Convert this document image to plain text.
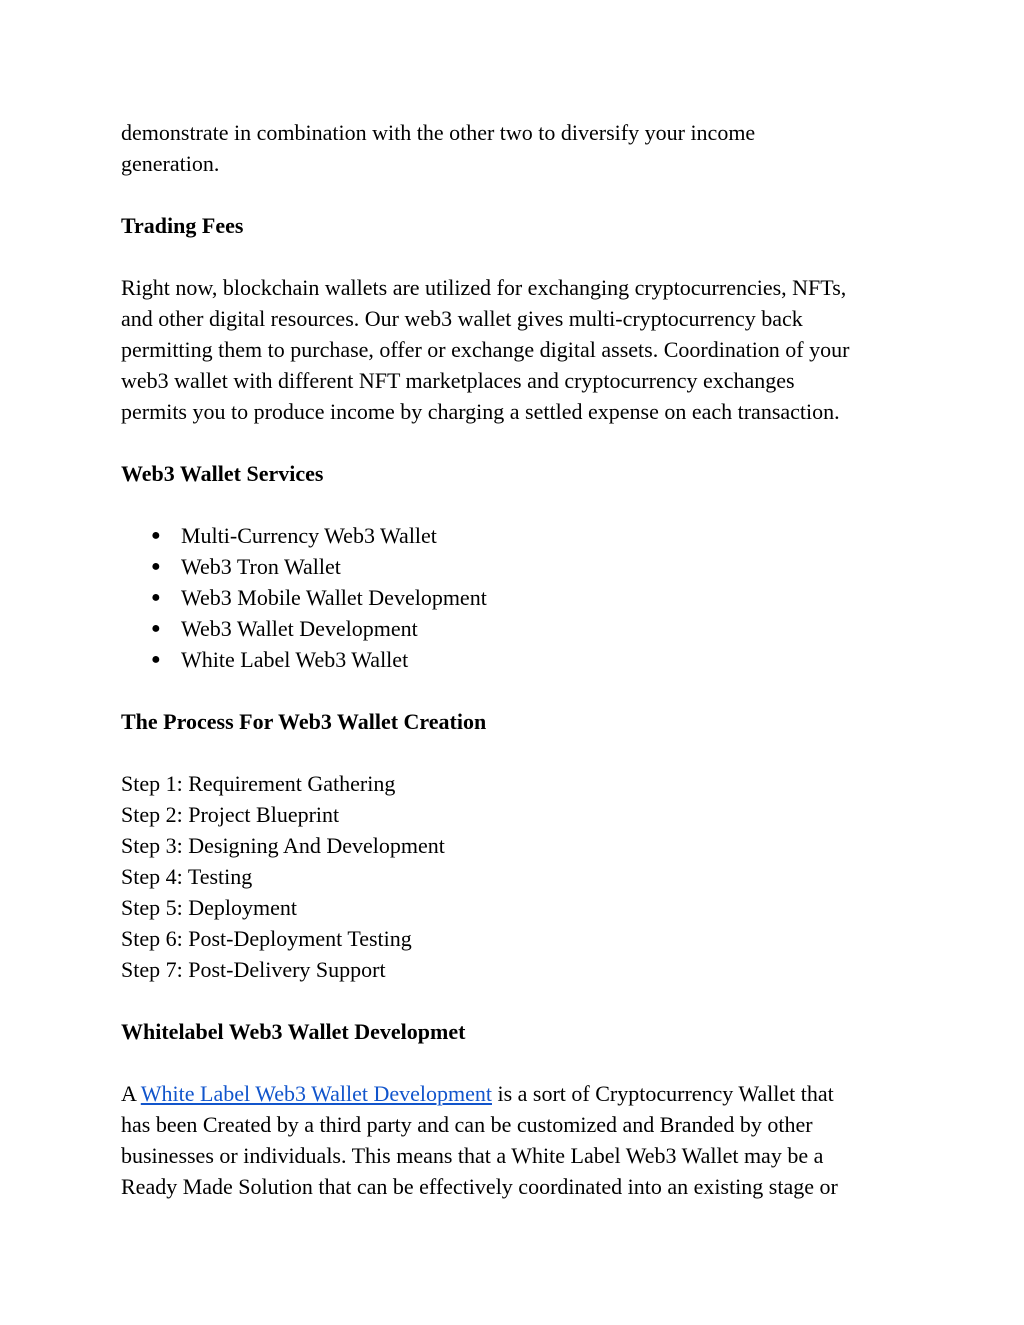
demonstrate in combination with the other two to diversify your income

generation.

Trading Fees

Right now, blockchain wallets are utilized for exchanging cryptocurrencies, NFTs,

and other digital resources. Our web3 wallet gives multi-cryptocurrency back

permitting them to purchase, offer or exchange digital assets. Coordination of your

web3 wallet with different NFT marketplaces and cryptocurrency exchanges

permits you to produce income by charging a settled expense on each transaction.

Web3 Wallet Services

● Multi-Currency Web3 Wallet
● Web3 Tron Wallet
● Web3 Mobile Wallet Development
● Web3 Wallet Development
● White Label Web3 Wallet

The Process For Web3 Wallet Creation

Step 1: Requirement Gathering

Step 2: Project Blueprint

Step 3: Designing And Development

Step 4: Testing

Step 5: Deployment

Step 6: Post-Deployment Testing

Step 7: Post-Delivery Support

Whitelabel Web3 Wallet Developmet

A White Label Web3 Wallet Development is a sort of Cryptocurrency Wallet that

has been Created by a third party and can be customized and Branded by other

businesses or individuals. This means that a White Label Web3 Wallet may be a

Ready Made Solution that can be effectively coordinated into an existing stage or
